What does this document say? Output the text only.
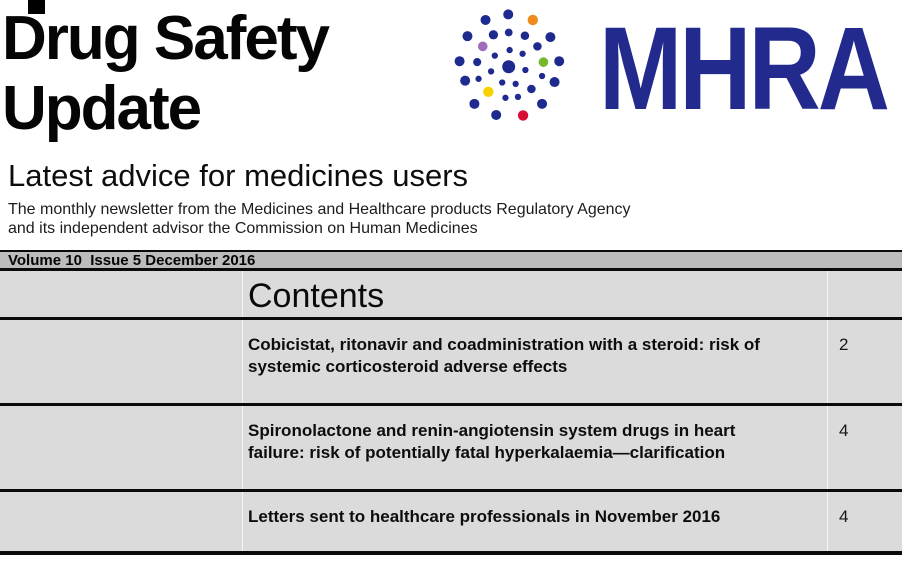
Drug Safety Update	MHRA
Latest advice for medicines users
The monthly newsletter from the Medicines and Healthcare products Regulatory Agency
and its independent advisor the Commission on Human Medicines
Volume 10  Issue 5 December 2016
Contents
Cobicistat, ritonavir and coadministration with a steroid: risk of systemic corticosteroid adverse effects
2
Spironolactone and renin-angiotensin system drugs in heart failure: risk of potentially fatal hyperkalaemia—clarification
4
Letters sent to healthcare professionals in November 2016	4
